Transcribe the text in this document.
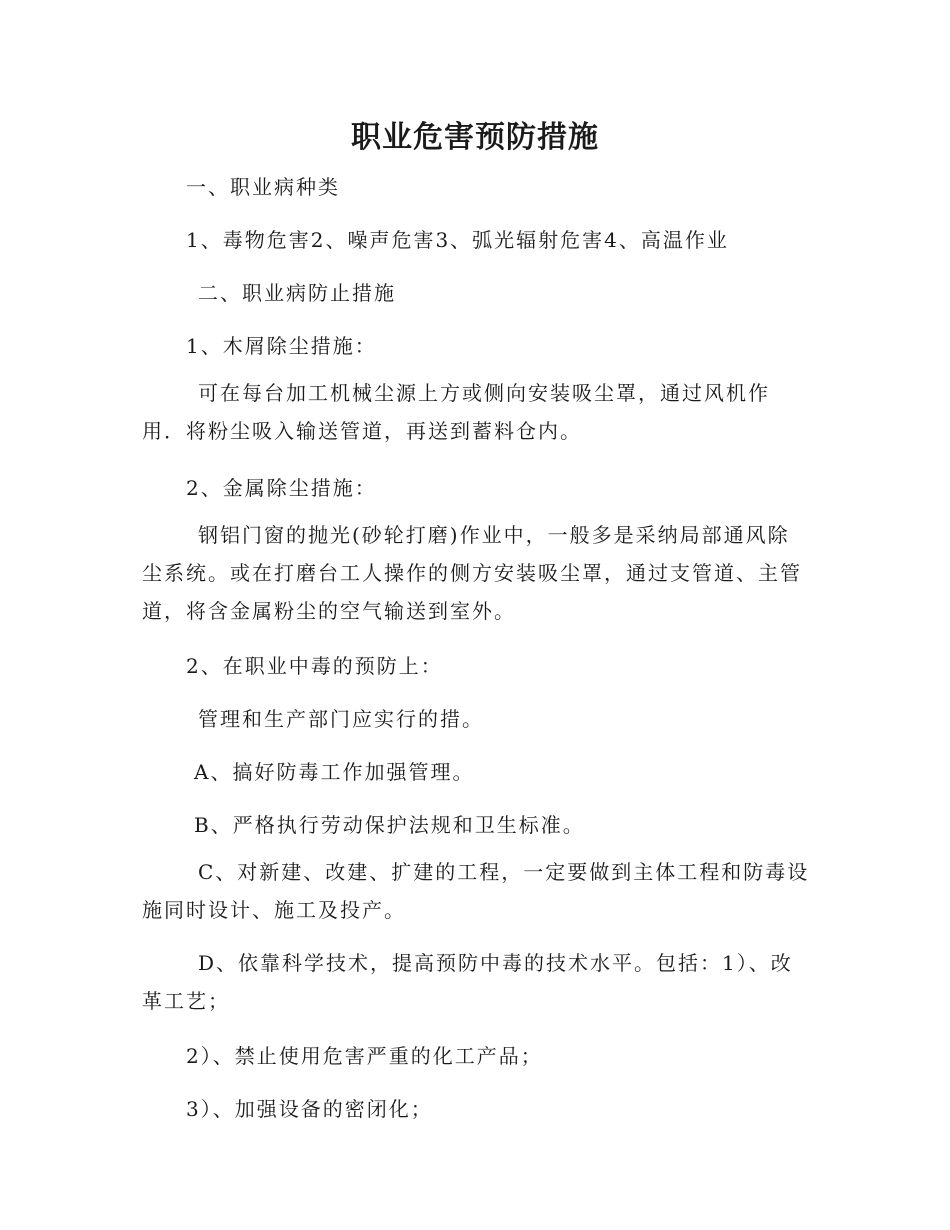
职业危害预防措施
一、职业病种类
1、毒物危害2、噪声危害3、弧光辐射危害4、高温作业
二、职业病防止措施
1、木屑除尘措施：
可在每台加工机械尘源上方或侧向安装吸尘罩，通过风机作用．将粉尘吸入输送管道，再送到蓄料仓内。
2、金属除尘措施：
钢铝门窗的抛光(砂轮打磨)作业中，一般多是采纳局部通风除尘系统。或在打磨台工人操作的侧方安装吸尘罩，通过支管道、主管道，将含金属粉尘的空气输送到室外。
2、在职业中毒的预防上：
管理和生产部门应实行的措。
A、搞好防毒工作加强管理。
B、严格执行劳动保护法规和卫生标准。
C、对新建、改建、扩建的工程，一定要做到主体工程和防毒设施同时设计、施工及投产。
D、依靠科学技术，提高预防中毒的技术水平。包括：1）、改革工艺；
2）、禁止使用危害严重的化工产品；
3）、加强设备的密闭化；
